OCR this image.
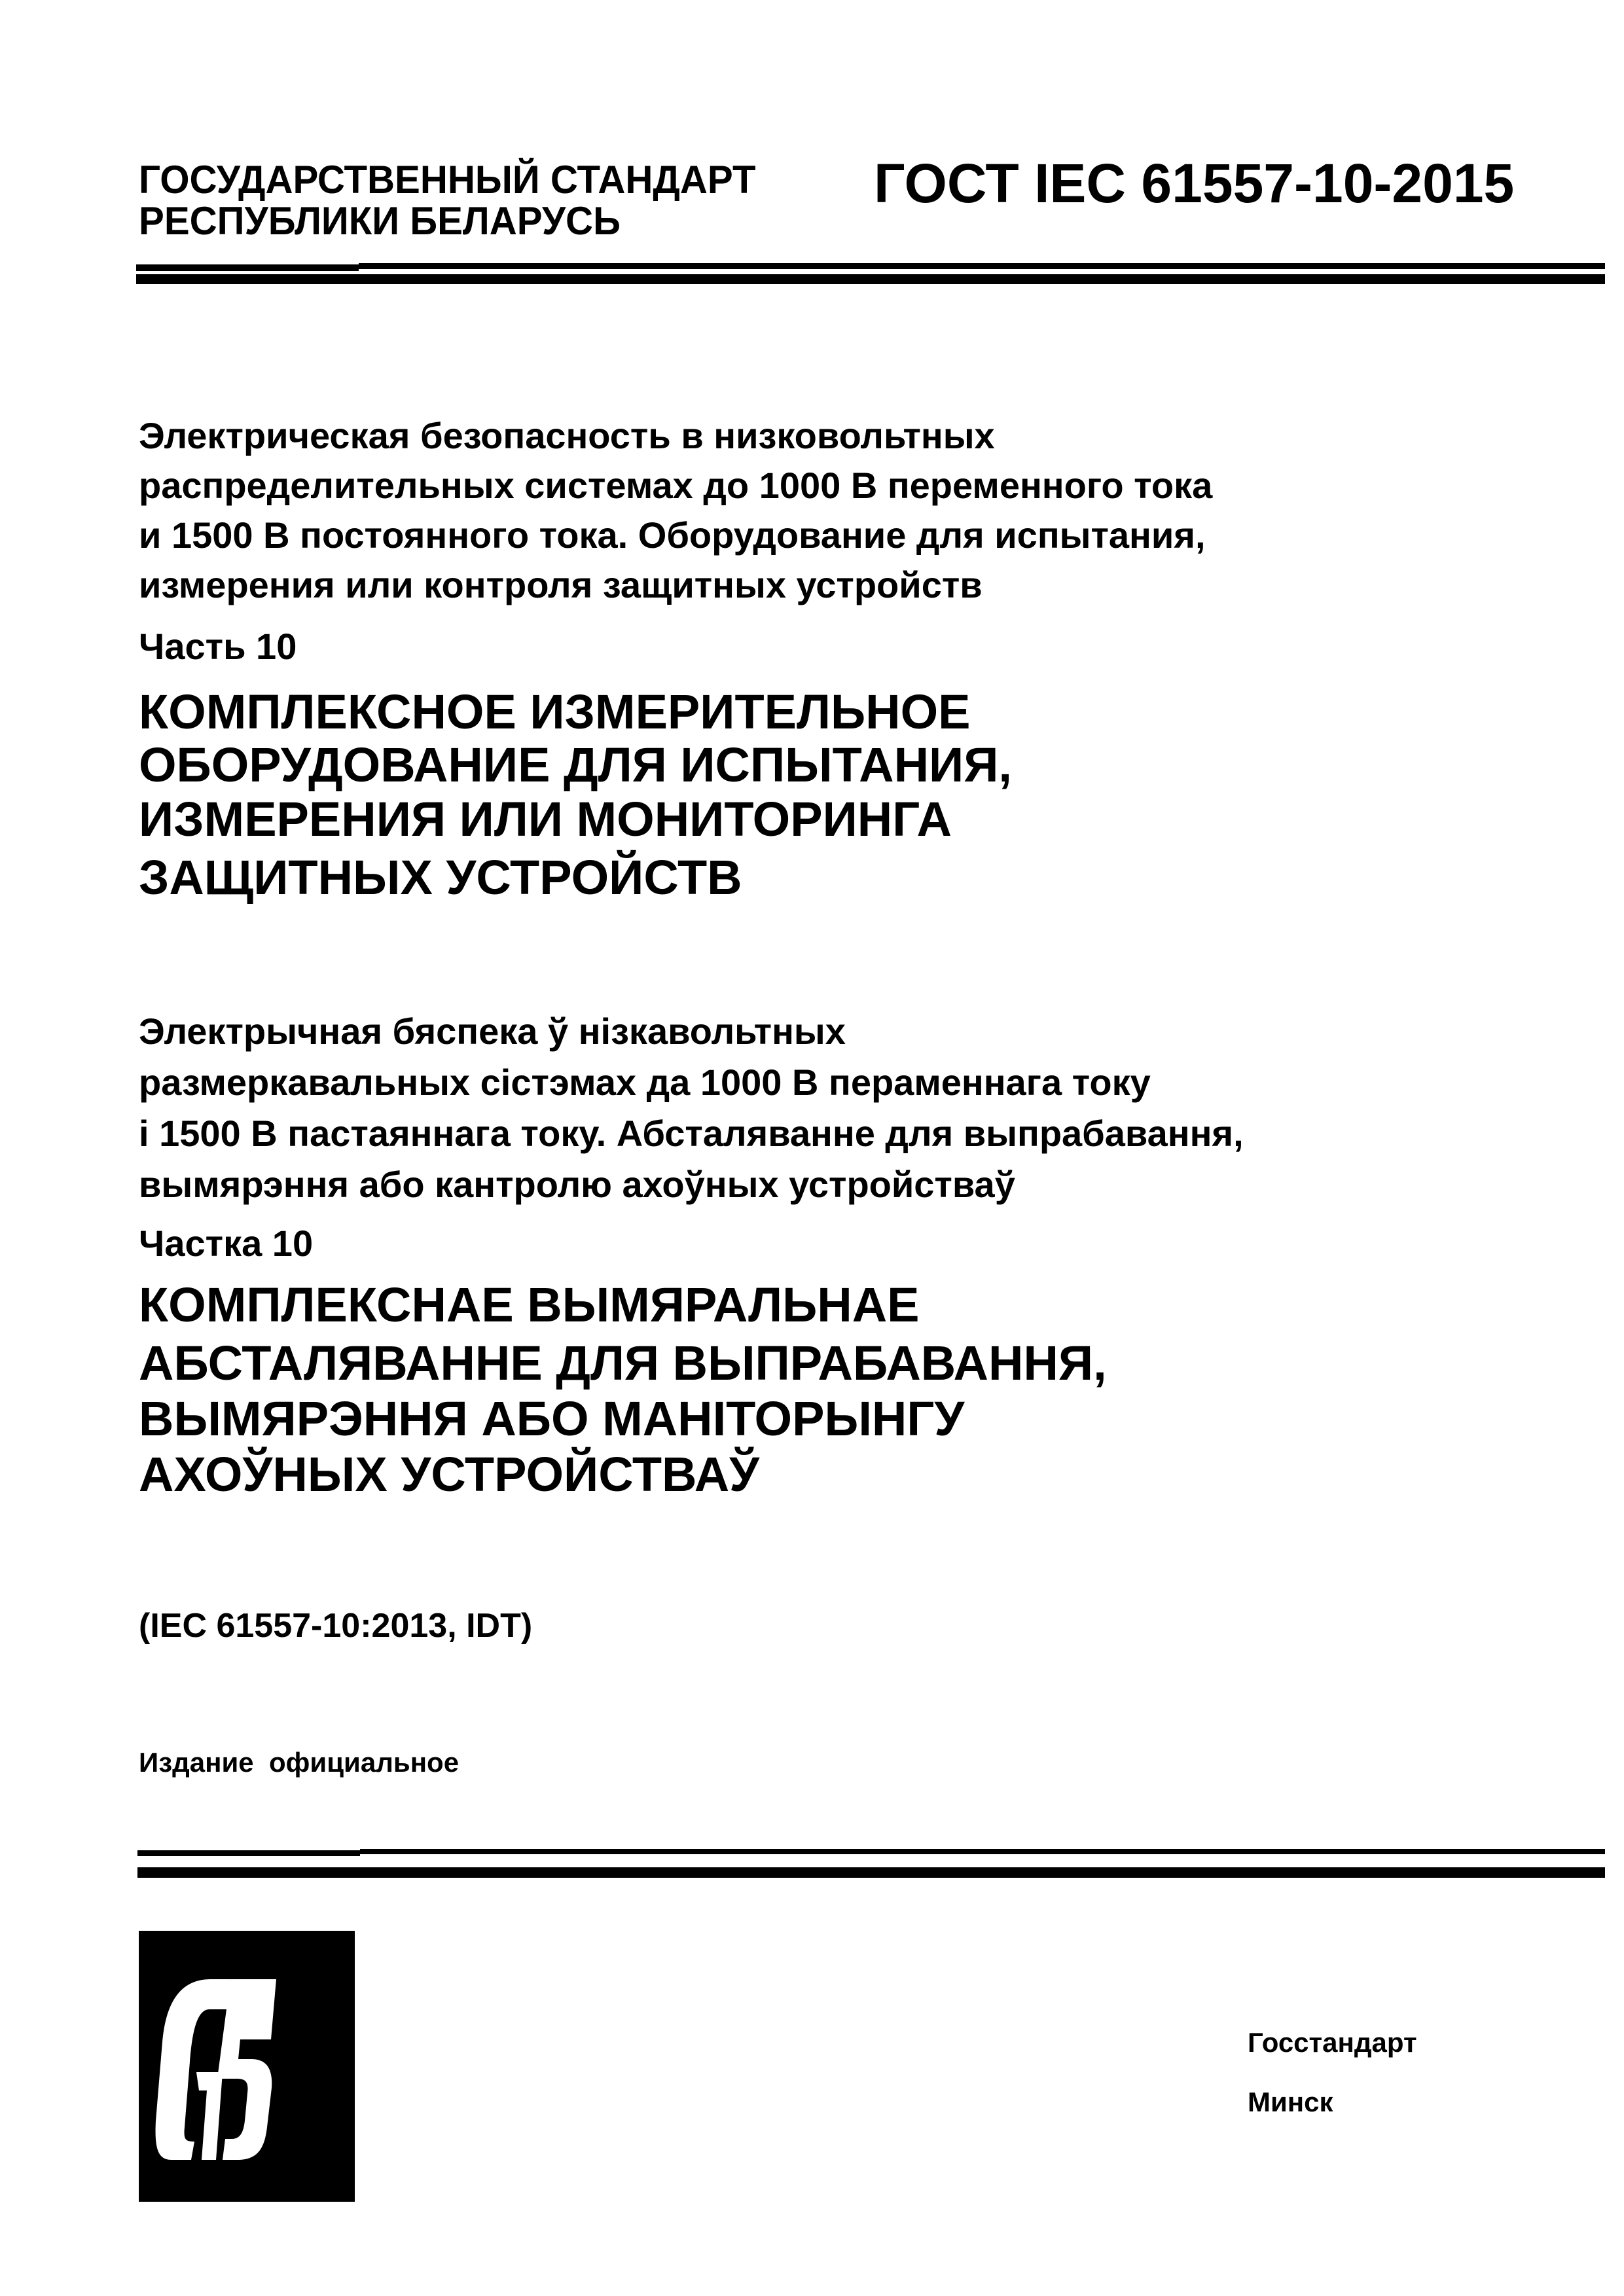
ГОСУДАРСТВЕННЫЙ СТАНДАРТ
РЕСПУБЛИКИ БЕЛАРУСЬ
ГОСТ IEC 61557-10-2015
Электрическая безопасность в низковольтных
распределительных системах до 1000 В переменного тока
и 1500 В постоянного тока. Оборудование для испытания,
измерения или контроля защитных устройств
Часть 10
КОМПЛЕКСНОЕ ИЗМЕРИТЕЛЬНОЕ
ОБОРУДОВАНИЕ ДЛЯ ИСПЫТАНИЯ,
ИЗМЕРЕНИЯ ИЛИ МОНИТОРИНГА
ЗАЩИТНЫХ УСТРОЙСТВ
Электрычная бяспека ў нізкавольтных
размеркавальных сістэмах да 1000 В пераменнага току
і 1500 В пастаяннага току. Абсталяванне для выпрабавання,
вымярэння або кантролю ахоўных устройстваў
Частка 10
КОМПЛЕКСНАЕ ВЫМЯРАЛЬНАЕ
АБСТАЛЯВАННЕ ДЛЯ ВЫПРАБАВАННЯ,
ВЫМЯРЭННЯ АБО МАНІТОРЫНГУ
АХОЎНЫХ УСТРОЙСТВАЎ
(IEC 61557-10:2013, IDT)
Издание  официальное
Госстандарт
Минск
